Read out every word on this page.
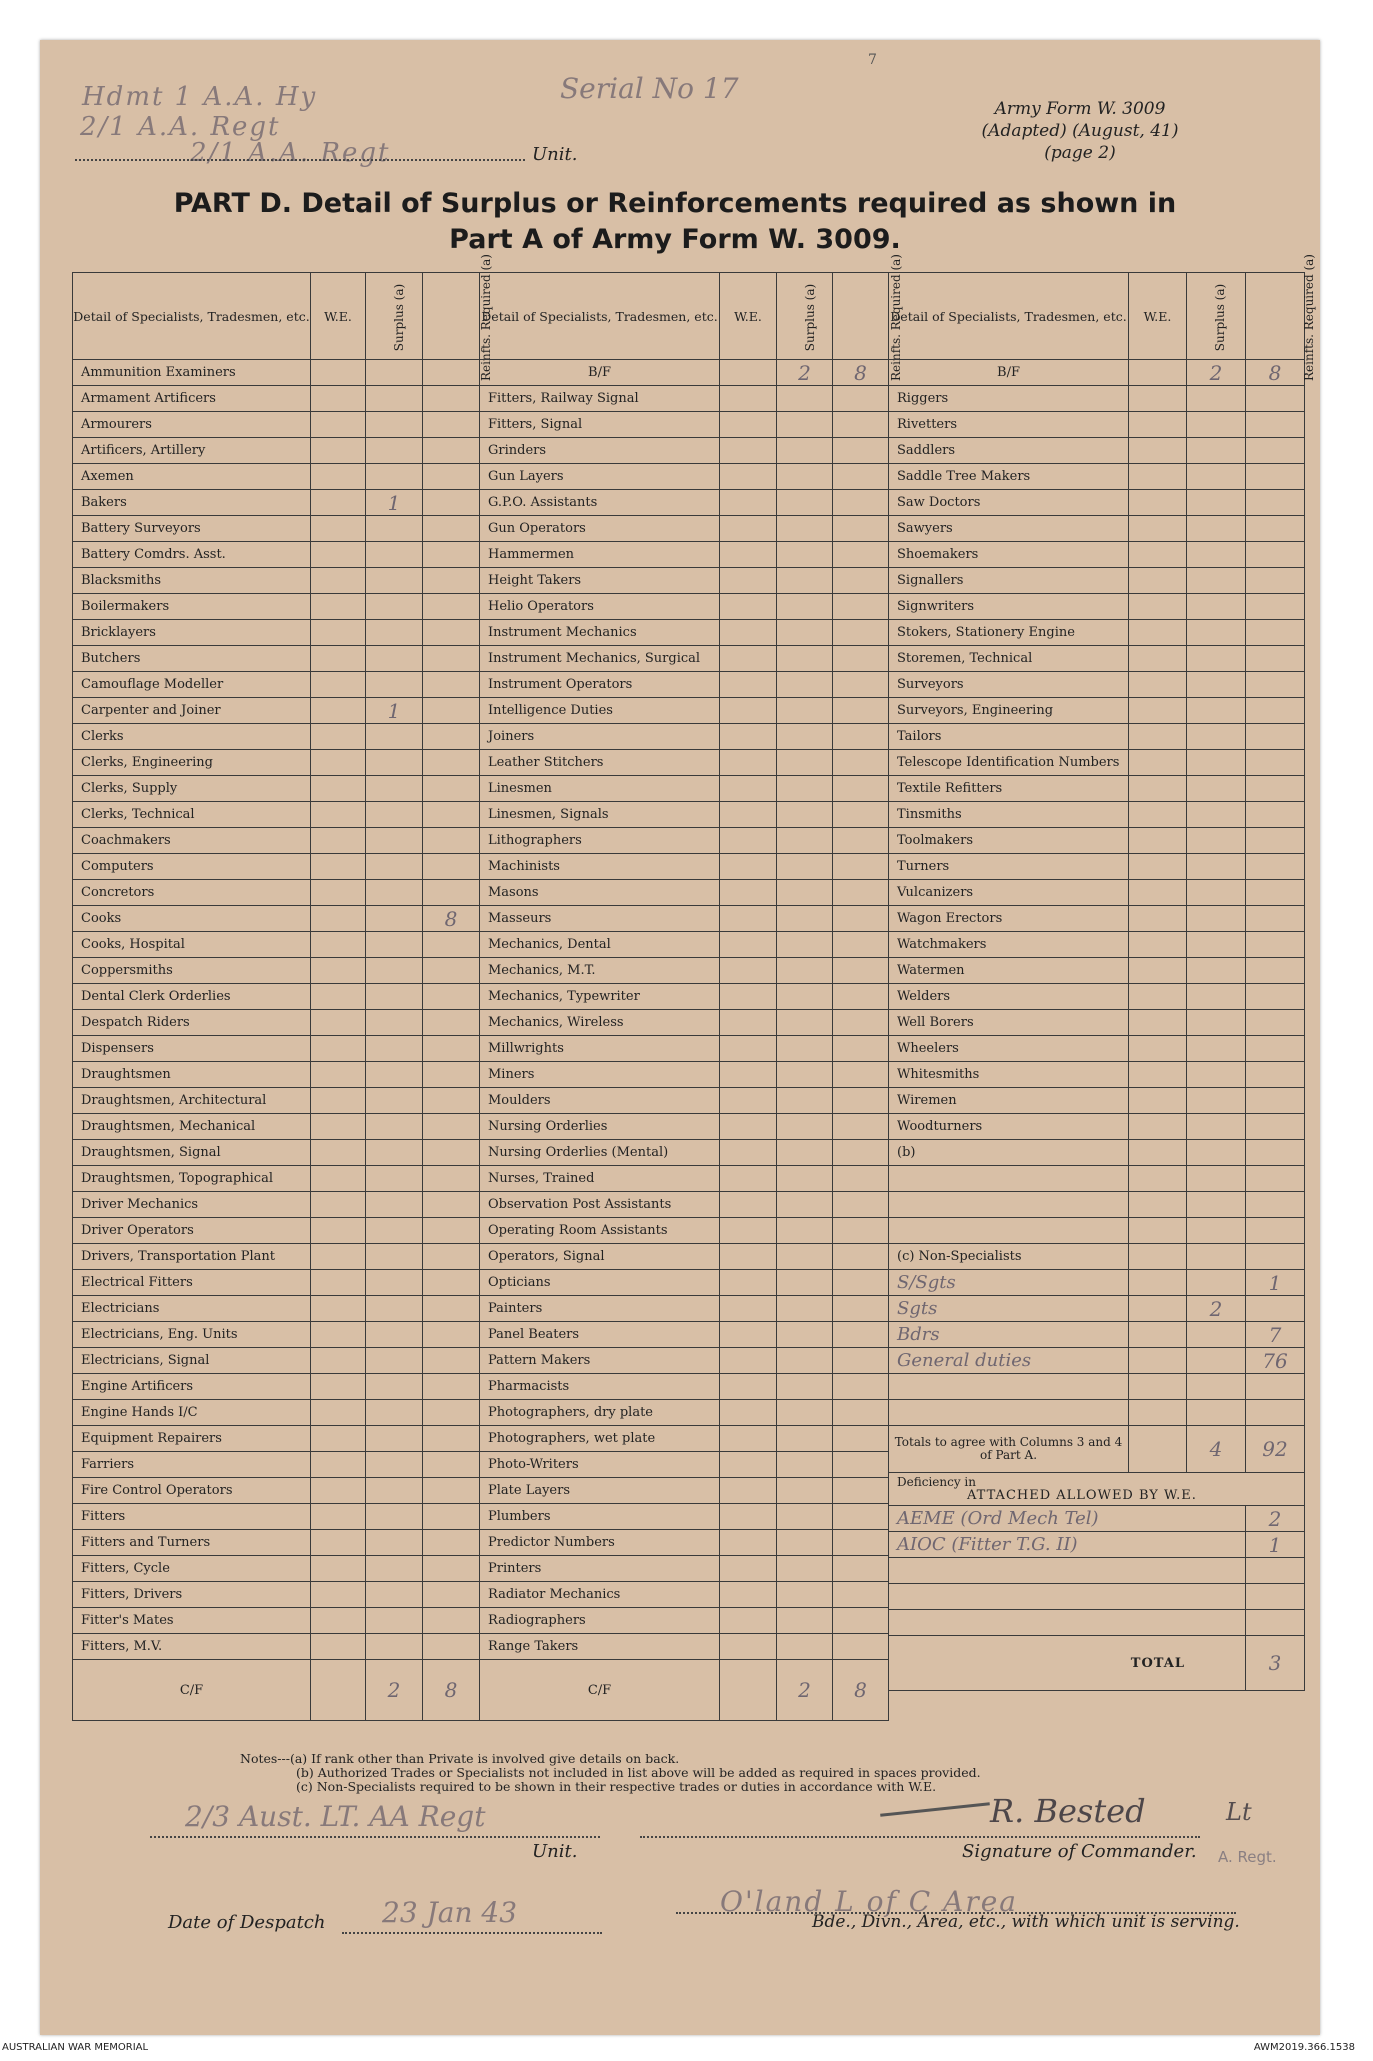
Hdmt 1 A.A. Hy
2/1 A.A. Regt
2/1 A.A. Regt	Unit.
Serial No 17
7
Army Form W. 3009
(Adapted) (August, 41)
(page 2)
PART D. Detail of Surplus or Reinforcements required as shown in
Part A of Army Form W. 3009.
Detail of Specialists, Tradesmen, etc.	W.E.	Surplus (a)	Reinfts. Required (a)
Ammunition Examiners			
Armament Artificers			
Armourers			
Artificers, Artillery			
Axemen			
Bakers		1	
Battery Surveyors			
Battery Comdrs. Asst.			
Blacksmiths			
Boilermakers			
Bricklayers			
Butchers			
Camouflage Modeller			
Carpenter and Joiner		1	
Clerks			
Clerks, Engineering			
Clerks, Supply			
Clerks, Technical			
Coachmakers			
Computers			
Concretors			
Cooks			8
Cooks, Hospital			
Coppersmiths			
Dental Clerk Orderlies			
Despatch Riders			
Dispensers			
Draughtsmen			
Draughtsmen, Architectural			
Draughtsmen, Mechanical			
Draughtsmen, Signal			
Draughtsmen, Topographical			
Driver Mechanics			
Driver Operators			
Drivers, Transportation Plant			
Electrical Fitters			
Electricians			
Electricians, Eng. Units			
Electricians, Signal			
Engine Artificers			
Engine Hands I/C			
Equipment Repairers			
Farriers			
Fire Control Operators			
Fitters			
Fitters and Turners			
Fitters, Cycle			
Fitters, Drivers			
Fitter's Mates			
Fitters, M.V.			
C/F		2	8
Detail of Specialists, Tradesmen, etc.	W.E.	Surplus (a)	Reinfts. Required (a)
B/F		2	8
Fitters, Railway Signal			
Fitters, Signal			
Grinders			
Gun Layers			
G.P.O. Assistants			
Gun Operators			
Hammermen			
Height Takers			
Helio Operators			
Instrument Mechanics			
Instrument Mechanics, Surgical			
Instrument Operators			
Intelligence Duties			
Joiners			
Leather Stitchers			
Linesmen			
Linesmen, Signals			
Lithographers			
Machinists			
Masons			
Masseurs			
Mechanics, Dental			
Mechanics, M.T.			
Mechanics, Typewriter			
Mechanics, Wireless			
Millwrights			
Miners			
Moulders			
Nursing Orderlies			
Nursing Orderlies (Mental)			
Nurses, Trained			
Observation Post Assistants			
Operating Room Assistants			
Operators, Signal			
Opticians			
Painters			
Panel Beaters			
Pattern Makers			
Pharmacists			
Photographers, dry plate			
Photographers, wet plate			
Photo-Writers			
Plate Layers			
Plumbers			
Predictor Numbers			
Printers			
Radiator Mechanics			
Radiographers			
Range Takers			
C/F		2	8
Detail of Specialists, Tradesmen, etc.	W.E.	Surplus (a)	Reinfts. Required (a)
B/F		2	8
Riggers			
Rivetters			
Saddlers			
Saddle Tree Makers			
Saw Doctors			
Sawyers			
Shoemakers			
Signallers			
Signwriters			
Stokers, Stationery Engine			
Storemen, Technical			
Surveyors			
Surveyors, Engineering			
Tailors			
Telescope Identification Numbers			
Textile Refitters			
Tinsmiths			
Toolmakers			
Turners			
Vulcanizers			
Wagon Erectors			
Watchmakers			
Watermen			
Welders			
Well Borers			
Wheelers			
Whitesmiths			
Wiremen			
Woodturners			
(b)			

(c) Non-Specialists			
S/Sgts			1
Sgts		2	
Bdrs			7
General duties			76

Totals to agree with Columns 3 and 4 of Part A.		4	92

Deficiency in
ATTACHED ALLOWED BY W.E.			

AEME (Ord Mech Tel)			2
AIOC (Fitter T.G. II)			1

TOTAL			3
Notes---(a) If rank other than Private is involved give details on back.
(b) Authorized Trades or Specialists not included in list above will be added as required in spaces provided.
(c) Non-Specialists required to be shown in their respective trades or duties in accordance with W.E.
2/3 Aust. LT. AA Regt
Unit.
R. Bested	Lt
A. Regt.
Signature of Commander.
Date of Despatch 23 Jan 43	O'land L of C Area
Bde., Divn., Area, etc., with which unit is serving.
AUSTRALIAN WAR MEMORIAL	AWM2019.366.1538
